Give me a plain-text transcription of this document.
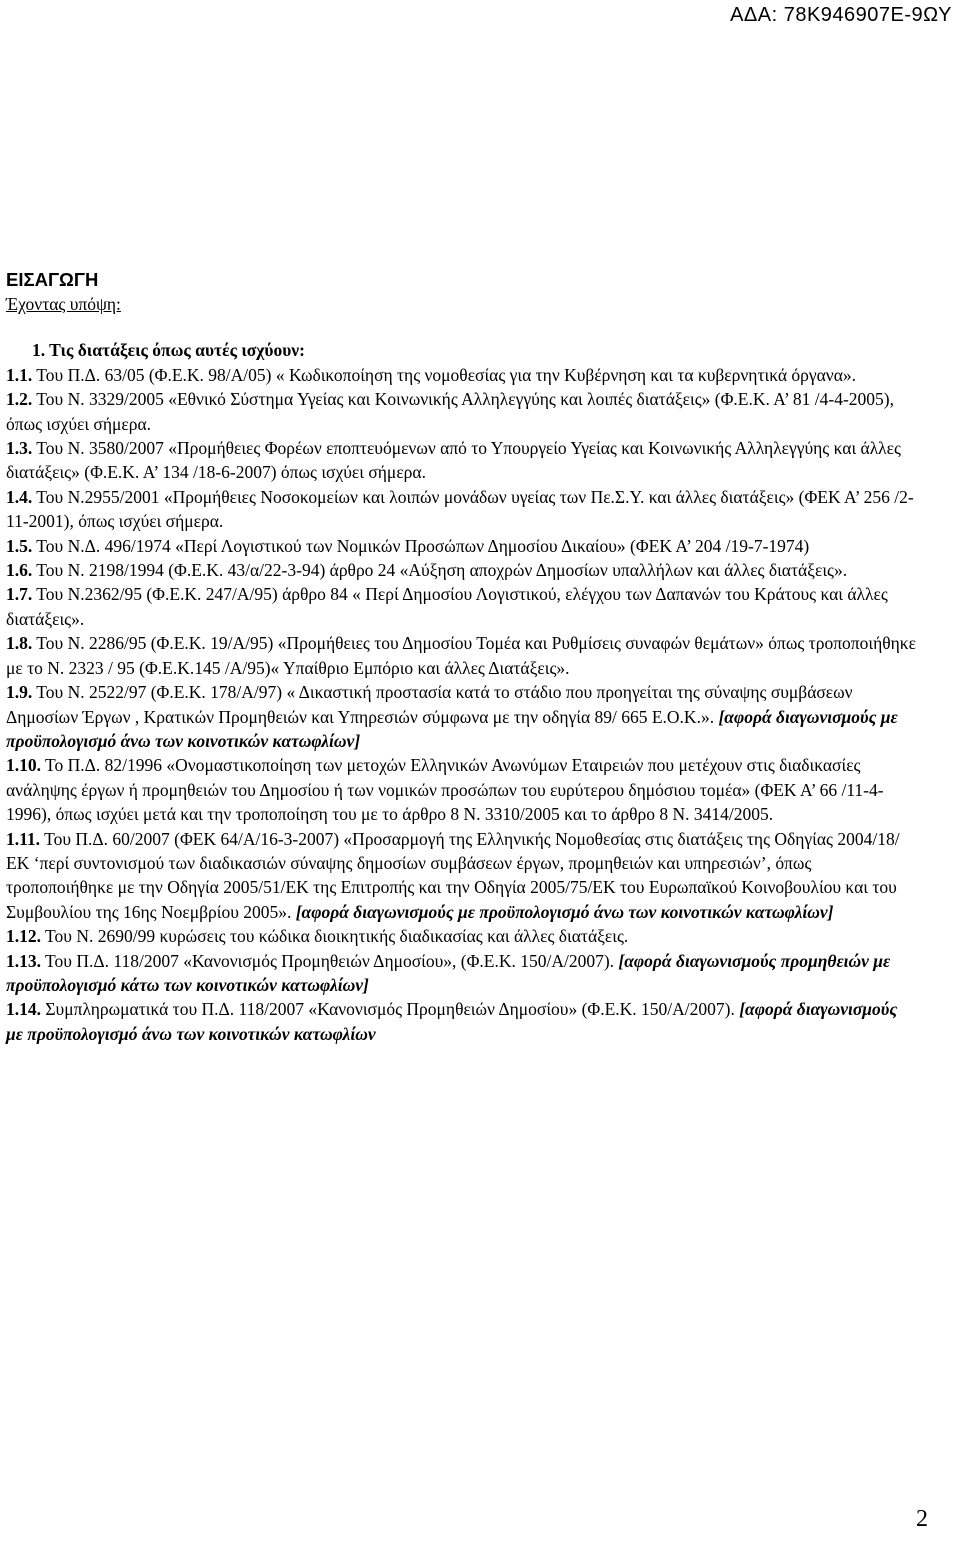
ΑΔΑ: 78Κ946907Ε-9ΩΥ
ΕΙΣΑΓΩΓΗ
Έχοντας υπόψη:
1. Τις διατάξεις όπως αυτές ισχύουν:
1.1. Του Π.Δ. 63/05 (Φ.Ε.Κ. 98/Α/05) « Κωδικοποίηση της νομοθεσίας για την Κυβέρνηση και τα κυβερνητικά όργανα».
1.2. Του Ν. 3329/2005 «Εθνικό Σύστημα Υγείας και Κοινωνικής Αλληλεγγύης και λοιπές διατάξεις» (Φ.Ε.Κ. Α’ 81 /4-4-2005), όπως ισχύει σήμερα.
1.3. Του Ν. 3580/2007 «Προμήθειες Φορέων εποπτευόμενων από το Υπουργείο Υγείας και Κοινωνικής Αλληλεγγύης και άλλες διατάξεις» (Φ.Ε.Κ. Α’ 134 /18-6-2007) όπως ισχύει σήμερα.
1.4. Του Ν.2955/2001 «Προμήθειες Νοσοκομείων και λοιπών μονάδων υγείας των Πε.Σ.Υ. και άλλες διατάξεις» (ΦΕΚ Α’ 256 /2-11-2001), όπως ισχύει σήμερα.
1.5. Του Ν.Δ. 496/1974 «Περί Λογιστικού των Νομικών Προσώπων Δημοσίου Δικαίου» (ΦΕΚ Α’ 204 /19-7-1974)
1.6. Του Ν. 2198/1994 (Φ.Ε.Κ. 43/α/22-3-94) άρθρο 24 «Αύξηση αποχρών Δημοσίων υπαλλήλων και άλλες διατάξεις».
1.7. Του Ν.2362/95 (Φ.Ε.Κ. 247/Α/95) άρθρο 84 « Περί Δημοσίου Λογιστικού, ελέγχου των Δαπανών του Κράτους και άλλες διατάξεις».
1.8. Του Ν. 2286/95 (Φ.Ε.Κ. 19/Α/95) «Προμήθειες του Δημοσίου Τομέα και Ρυθμίσεις συναφών θεμάτων» όπως τροποποιήθηκε με το Ν. 2323 / 95 (Φ.Ε.Κ.145 /Α/95)« Υπαίθριο Εμπόριο και άλλες Διατάξεις».
1.9. Του Ν. 2522/97 (Φ.Ε.Κ. 178/Α/97) « Δικαστική προστασία κατά το στάδιο που προηγείται της σύναψης συμβάσεων Δημοσίων Έργων , Κρατικών Προμηθειών και Υπηρεσιών σύμφωνα με την οδηγία 89/ 665 Ε.Ο.Κ.». [αφορά διαγωνισμούς με προϋπολογισμό άνω των κοινοτικών κατωφλίων]
1.10. Το Π.Δ. 82/1996 «Ονομαστικοποίηση των μετοχών Ελληνικών Ανωνύμων Εταιρειών που μετέχουν στις διαδικασίες ανάληψης έργων ή προμηθειών του Δημοσίου ή των νομικών προσώπων του ευρύτερου δημόσιου τομέα» (ΦΕΚ Α’ 66 /11-4-1996), όπως ισχύει μετά και την τροποποίηση του με το άρθρο 8 Ν. 3310/2005 και το άρθρο 8 Ν. 3414/2005.
1.11. Του Π.Δ. 60/2007 (ΦΕΚ 64/Α/16-3-2007) «Προσαρμογή της Ελληνικής Νομοθεσίας στις διατάξεις της Οδηγίας 2004/18/ΕΚ ‘περί συντονισμού των διαδικασιών σύναψης δημοσίων συμβάσεων έργων, προμηθειών και υπηρεσιών’, όπως τροποποιήθηκε με την Οδηγία 2005/51/ΕΚ της Επιτροπής και την Οδηγία 2005/75/ΕΚ του Ευρωπαϊκού Κοινοβουλίου και του Συμβουλίου της 16ης Νοεμβρίου 2005». [αφορά διαγωνισμούς με προϋπολογισμό άνω των κοινοτικών κατωφλίων]
1.12. Του Ν. 2690/99 κυρώσεις του κώδικα διοικητικής διαδικασίας και άλλες διατάξεις.
1.13. Του Π.Δ. 118/2007 «Κανονισμός Προμηθειών Δημοσίου», (Φ.Ε.Κ. 150/Α/2007). [αφορά διαγωνισμούς προμηθειών με προϋπολογισμό κάτω των κοινοτικών κατωφλίων]
1.14. Συμπληρωματικά του Π.Δ. 118/2007 «Κανονισμός Προμηθειών Δημοσίου» (Φ.Ε.Κ. 150/Α/2007). [αφορά διαγωνισμούς με προϋπολογισμό άνω των κοινοτικών κατωφλίων
2
